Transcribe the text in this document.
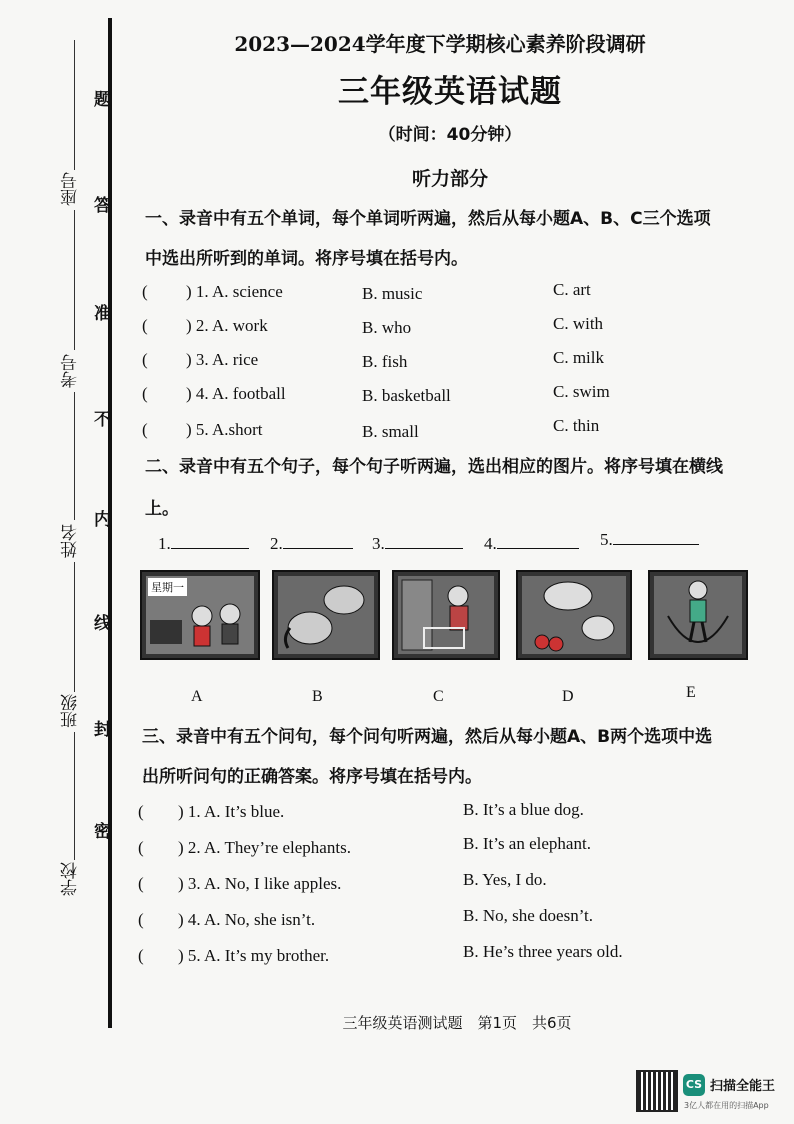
题
答
准
不
内
线
封
密
座号
考号
姓名
班级
学校
2023—2024学年度下学期核心素养阶段调研
三年级英语试题
（时间：40分钟）
听力部分
一、录音中有五个单词，每个单词听两遍，然后从每小题A、B、C三个选项
中选出所听到的单词。将序号填在括号内。
( ) 1. A. science	B. music	C. art
( ) 2. A. work	B. who	C. with
( ) 3. A. rice	B. fish	C. milk
( ) 4. A. football	B. basketball	C. swim
( ) 5. A.short	B. small	C. thin
二、录音中有五个句子，每个句子听两遍，选出相应的图片。将序号填在横线
上。
1.	2.	3.	4.	5.
星期一
A	B	C	D	E
三、录音中有五个问句，每个问句听两遍，然后从每小题A、B两个选项中选
出所听问句的正确答案。将序号填在括号内。
( ) 1. A. It’s blue.	B. It’s a blue dog.
( ) 2. A. They’re elephants.	B. It’s an elephant.
( ) 3. A. No, I like apples.	B. Yes, I do.
( ) 4. A. No, she isn’t.	B. No, she doesn’t.
( ) 5. A. It’s my brother.	B. He’s three years old.
三年级英语测试题　第1页　共6页
CS 扫描全能王
3亿人都在用的扫描App
